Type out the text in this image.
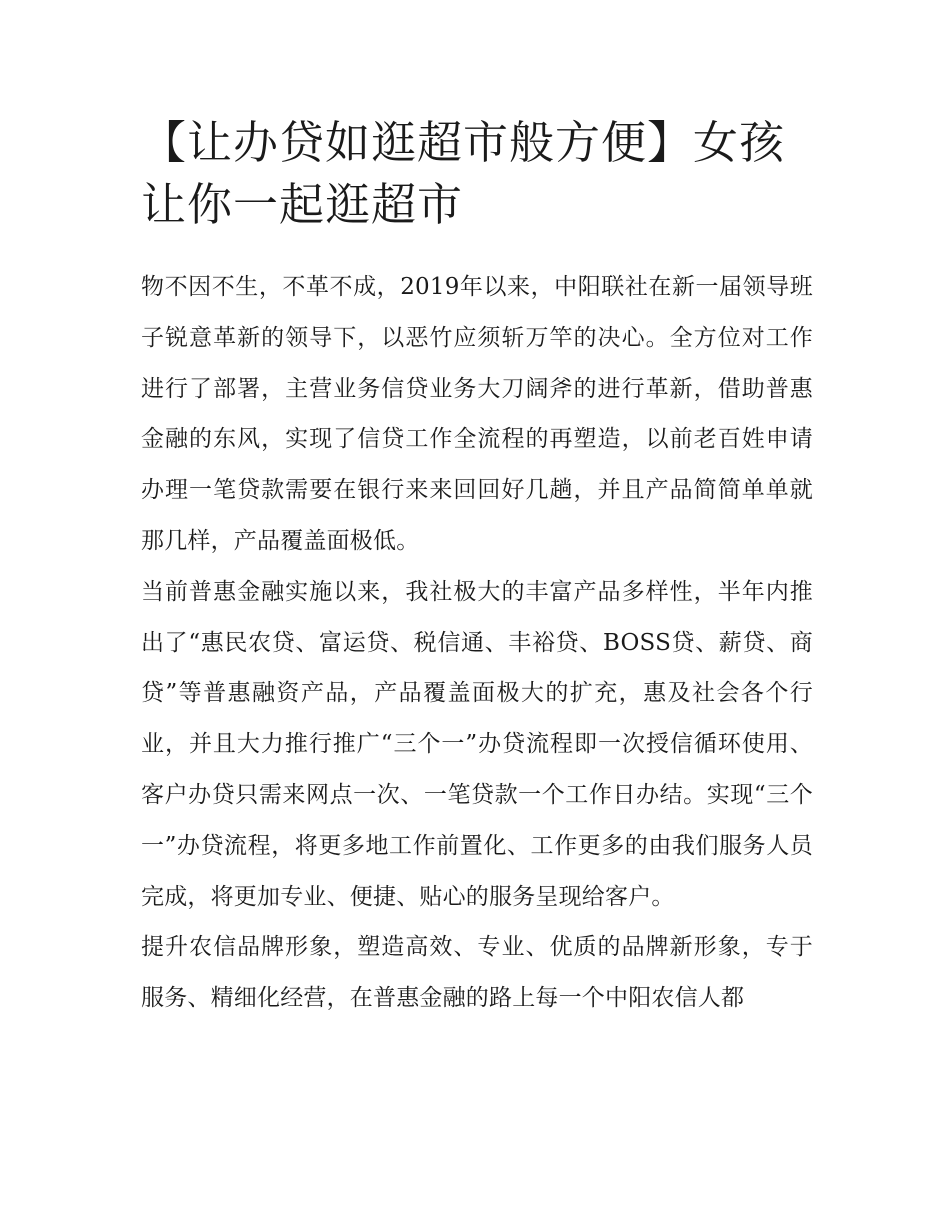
【让办贷如逛超市般方便】女孩让你一起逛超市

物不因不生，不革不成，2019年以来，中阳联社在新一届领导班子锐意革新的领导下，以恶竹应须斩万竿的决心。全方位对工作进行了部署，主营业务信贷业务大刀阔斧的进行革新，借助普惠金融的东风，实现了信贷工作全流程的再塑造，以前老百姓申请办理一笔贷款需要在银行来来回回好几趟，并且产品简简单单就那几样，产品覆盖面极低。

当前普惠金融实施以来，我社极大的丰富产品多样性，半年内推出了“惠民农贷、富运贷、税信通、丰裕贷、BOSS贷、薪贷、商贷”等普惠融资产品，产品覆盖面极大的扩充，惠及社会各个行业，并且大力推行推广“三个一”办贷流程即一次授信循环使用、客户办贷只需来网点一次、一笔贷款一个工作日办结。实现“三个一”办贷流程，将更多地工作前置化、工作更多的由我们服务人员完成，将更加专业、便捷、贴心的服务呈现给客户。

提升农信品牌形象，塑造高效、专业、优质的品牌新形象，专于服务、精细化经营，在普惠金融的路上每一个中阳农信人都
